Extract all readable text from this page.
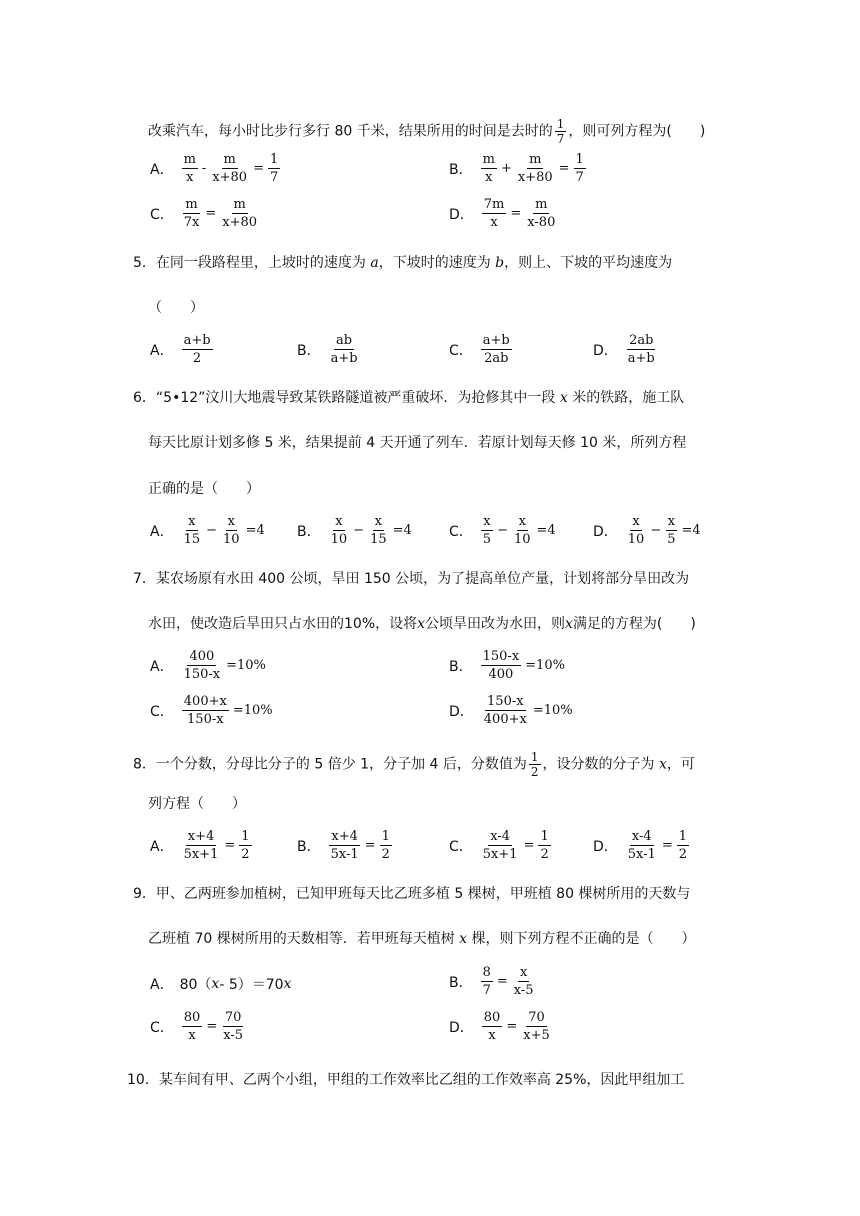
改乘汽车，每小时比步行多行 80 千米，结果所用的时间是去时的 $\frac{1}{7}$ ，则可列方程为(　　)
A． $\frac{m}{x} - \frac{m}{x+80} = \frac{1}{7}$	B． $\frac{m}{x} + \frac{m}{x+80} = \frac{1}{7}$
C． $\frac{m}{7x} = \frac{m}{x+80}$	D． $\frac{7m}{x} = \frac{m}{x-80}$
5．在同一段路程里，上坡时的速度为 a，下坡时的速度为 b，则上、下坡的平均速度为
（　　）
A． $\frac{a+b}{2}$	B． $\frac{ab}{a+b}$	C． $\frac{a+b}{2ab}$	D． $\frac{2ab}{a+b}$
6．“5•12”汶川大地震导致某铁路隧道被严重破坏．为抢修其中一段 x 米的铁路，施工队
每天比原计划多修 5 米，结果提前 4 天开通了列车．若原计划每天修 10 米，所列方程
正确的是（　　）
A． $\frac{x}{15} - \frac{x}{10} =4$ B． $\frac{x}{10} - \frac{x}{15} =4$	C． $\frac{x}{5} - \frac{x}{10} =4$	D． $\frac{x}{10} - \frac{x}{5} =4$
7．某农场原有水田 400 公顷，旱田 150 公顷，为了提高单位产量，计划将部分旱田改为
水田，使改造后旱田只占水田的10%，设将x公顷旱田改为水田，则x满足的方程为(　　)
A． $\frac{400}{150-x} =10\%$	B． $\frac{150-x}{400} =10\%$
C． $\frac{400+x}{150-x} =10\%$	D． $\frac{150-x}{400+x} =10\%$
8．一个分数，分母比分子的 5 倍少 1，分子加 4 后，分数值为 $\frac{1}{2}$ ，设分数的分子为 x，可
列方程（　　）
A． $\frac{x+4}{5x+1} = \frac{1}{2}$	B． $\frac{x+4}{5x-1} = \frac{1}{2}$	C． $\frac{x-4}{5x+1} = \frac{1}{2}$	D． $\frac{x-4}{5x-1} = \frac{1}{2}$
9．甲、乙两班参加植树，已知甲班每天比乙班多植 5 棵树，甲班植 80 棵树所用的天数与
乙班植 70 棵树所用的天数相等．若甲班每天植树 x 棵，则下列方程不正确的是（　　）
A． 80（ x - 5）＝70 x	B． $\frac{8}{7} = \frac{x}{x-5}$
C． $\frac{80}{x} = \frac{70}{x-5}$	D． $\frac{80}{x} = \frac{70}{x+5}$
10．某车间有甲、乙两个小组，甲组的工作效率比乙组的工作效率高 25%，因此甲组加工
